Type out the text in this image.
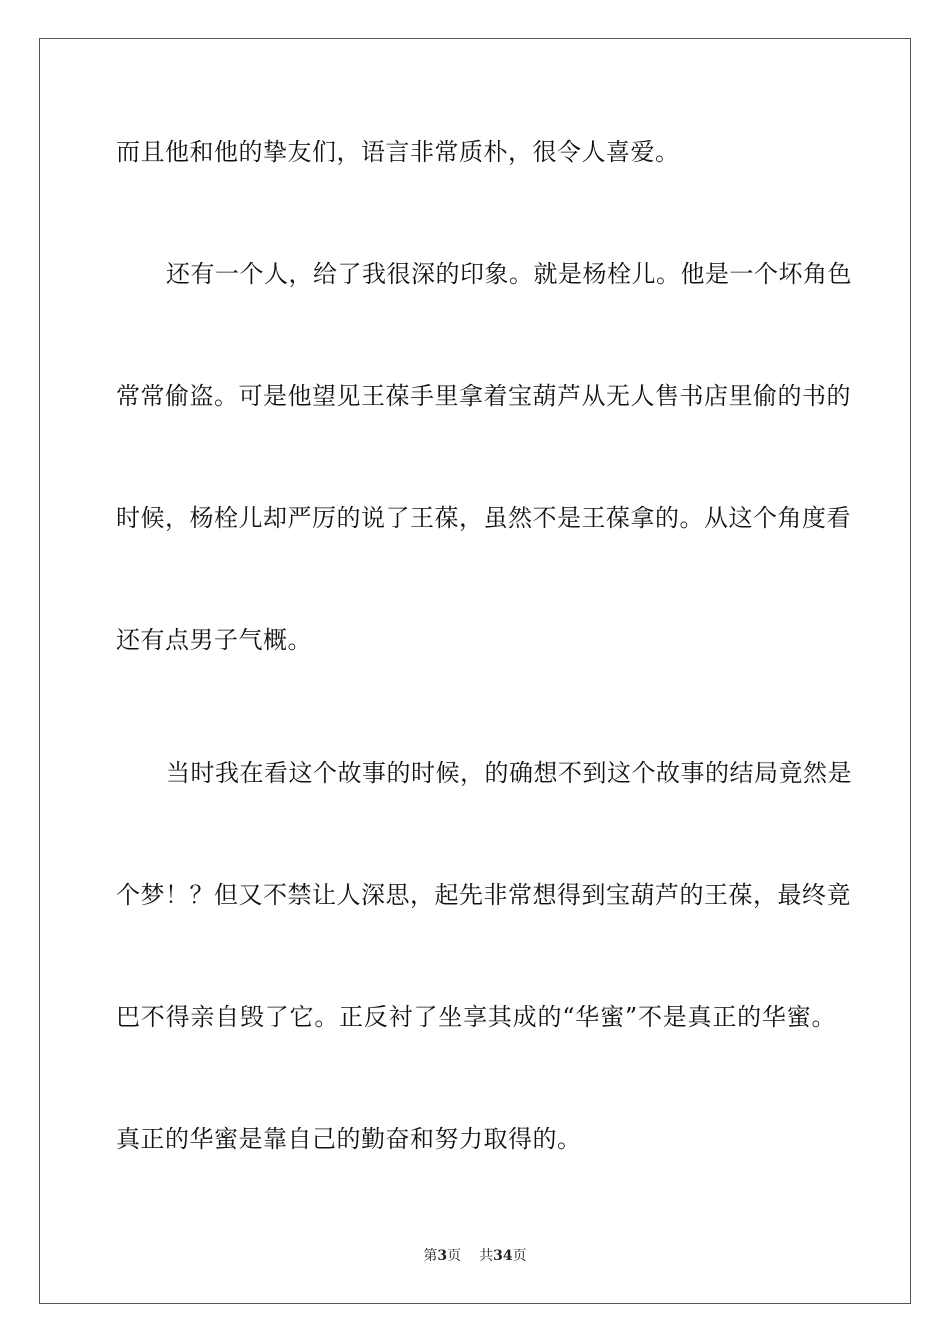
而且他和他的挚友们，语言非常质朴，很令人喜爱。
还有一个人，给了我很深的印象。就是杨栓儿。他是一个坏角色
常常偷盗。可是他望见王葆手里拿着宝葫芦从无人售书店里偷的书的
时候，杨栓儿却严厉的说了王葆，虽然不是王葆拿的。从这个角度看
还有点男子气概。
当时我在看这个故事的时候，的确想不到这个故事的结局竟然是
个梦！？但又不禁让人深思，起先非常想得到宝葫芦的王葆，最终竟
巴不得亲自毁了它。正反衬了坐享其成的“华蜜”不是真正的华蜜。
真正的华蜜是靠自己的勤奋和努力取得的。
第3页 共34页
